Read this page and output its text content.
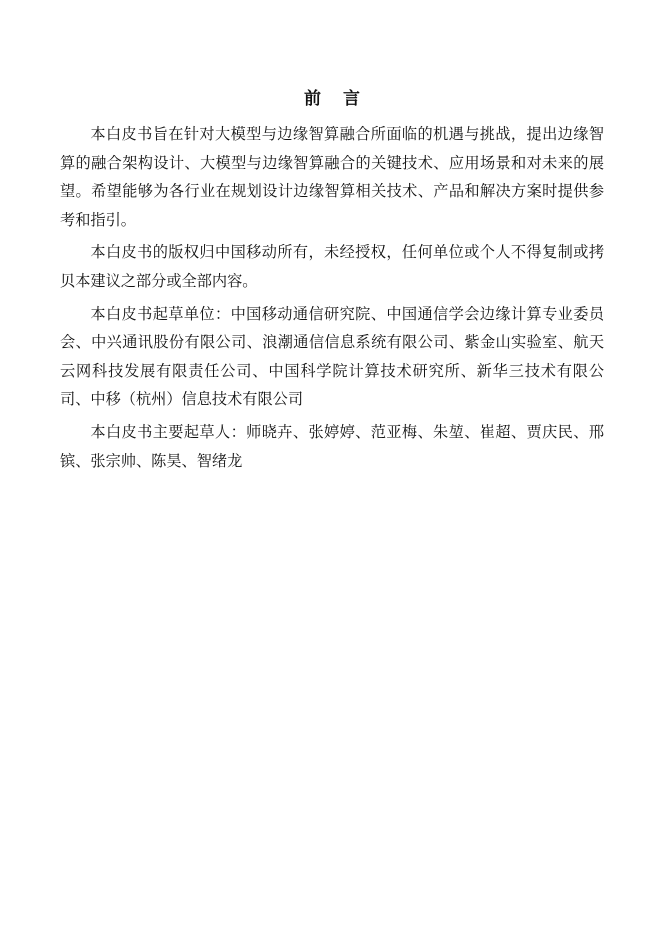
前言

本白皮书旨在针对大模型与边缘智算融合所面临的机遇与挑战，提出边缘智算的融合架构设计、大模型与边缘智算融合的关键技术、应用场景和对未来的展望。希望能够为各行业在规划设计边缘智算相关技术、产品和解决方案时提供参考和指引。

本白皮书的版权归中国移动所有，未经授权，任何单位或个人不得复制或拷贝本建议之部分或全部内容。

本白皮书起草单位：中国移动通信研究院、中国通信学会边缘计算专业委员会、中兴通讯股份有限公司、浪潮通信信息系统有限公司、紫金山实验室、航天云网科技发展有限责任公司、中国科学院计算技术研究所、新华三技术有限公司、中移（杭州）信息技术有限公司

本白皮书主要起草人：师晓卉、张婷婷、范亚梅、朱堃、崔超、贾庆民、邢镔、张宗帅、陈昊、智绪龙
